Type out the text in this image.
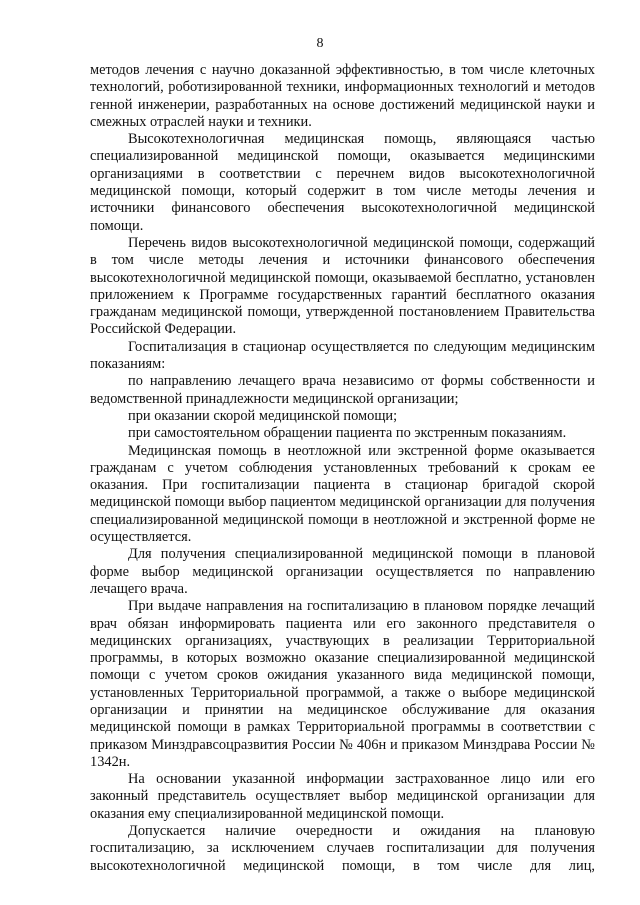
8

методов лечения с научно доказанной эффективностью, в том числе клеточных технологий, роботизированной техники, информационных технологий и методов генной инженерии, разработанных на основе достижений медицинской науки и смежных отраслей науки и техники.

Высокотехнологичная медицинская помощь, являющаяся частью специализированной медицинской помощи, оказывается медицинскими организациями в соответствии с перечнем видов высокотехнологичной медицинской помощи, который содержит в том числе методы лечения и источники финансового обеспечения высокотехнологичной медицинской помощи.

Перечень видов высокотехнологичной медицинской помощи, содержащий в том числе методы лечения и источники финансового обеспечения высокотехнологичной медицинской помощи, оказываемой бесплатно, установлен приложением к Программе государственных гарантий бесплатного оказания гражданам медицинской помощи, утвержденной постановлением Правительства Российской Федерации.

Госпитализация в стационар осуществляется по следующим медицинским показаниям:

по направлению лечащего врача независимо от формы собственности и ведомственной принадлежности медицинской организации;

при оказании скорой медицинской помощи;

при самостоятельном обращении пациента по экстренным показаниям.

Медицинская помощь в неотложной или экстренной форме оказывается гражданам с учетом соблюдения установленных требований к срокам ее оказания. При госпитализации пациента в стационар бригадой скорой медицинской помощи выбор пациентом медицинской организации для получения специализированной медицинской помощи в неотложной и экстренной форме не осуществляется.

Для получения специализированной медицинской помощи в плановой форме выбор медицинской организации осуществляется по направлению лечащего врача.

При выдаче направления на госпитализацию в плановом порядке лечащий врач обязан информировать пациента или его законного представителя о медицинских организациях, участвующих в реализации Территориальной программы, в которых возможно оказание специализированной медицинской помощи с учетом сроков ожидания указанного вида медицинской помощи, установленных Территориальной программой, а также о выборе медицинской организации и принятии на медицинское обслуживание для оказания медицинской помощи в рамках Территориальной программы в соответствии с приказом Минздравсоцразвития России № 406н и приказом Минздрава России № 1342н.

На основании указанной информации застрахованное лицо или его законный представитель осуществляет выбор медицинской организации для оказания ему специализированной медицинской помощи.

Допускается наличие очередности и ожидания на плановую госпитализацию, за исключением случаев госпитализации для получения высокотехнологичной медицинской помощи, в том числе для лиц,
